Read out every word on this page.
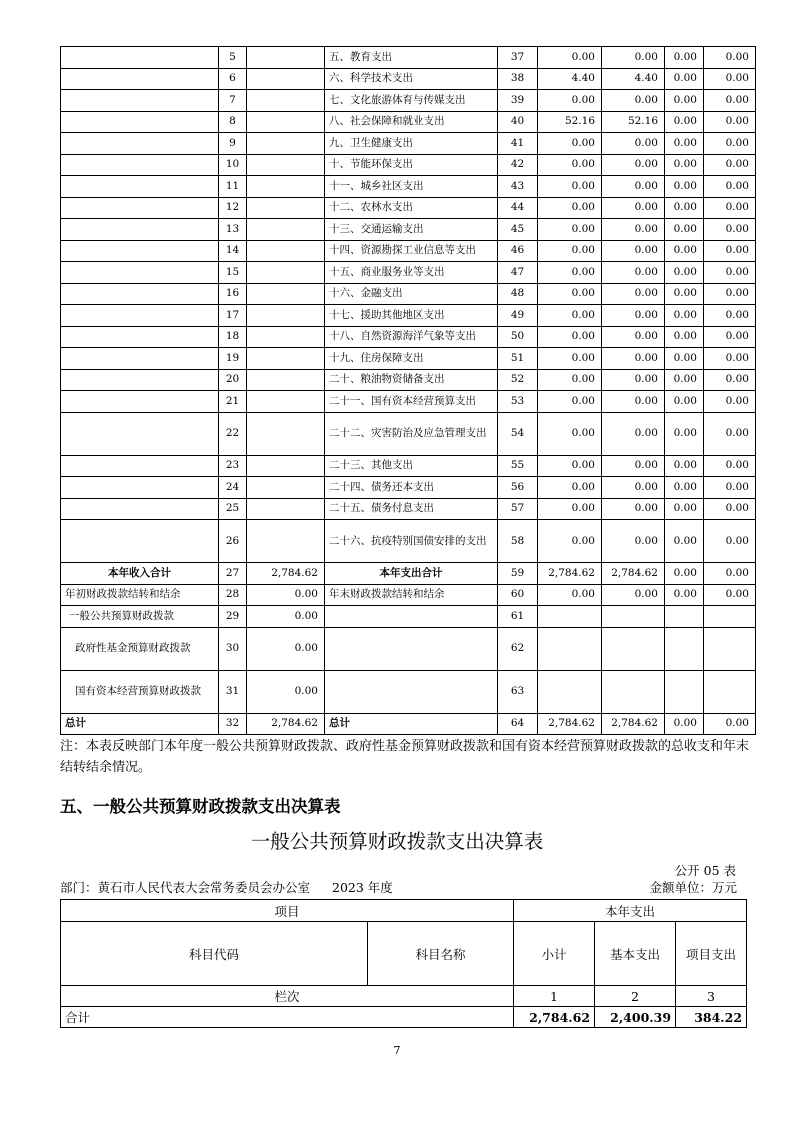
	5		五、教育支出	37	0.00	0.00	0.00	0.00
	6		六、科学技术支出	38	4.40	4.40	0.00	0.00
	7		七、文化旅游体育与传媒支出	39	0.00	0.00	0.00	0.00
	8		八、社会保障和就业支出	40	52.16	52.16	0.00	0.00
	9		九、卫生健康支出	41	0.00	0.00	0.00	0.00
	10		十、节能环保支出	42	0.00	0.00	0.00	0.00
	11		十一、城乡社区支出	43	0.00	0.00	0.00	0.00
	12		十二、农林水支出	44	0.00	0.00	0.00	0.00
	13		十三、交通运输支出	45	0.00	0.00	0.00	0.00
	14		十四、资源勘探工业信息等支出	46	0.00	0.00	0.00	0.00
	15		十五、商业服务业等支出	47	0.00	0.00	0.00	0.00
	16		十六、金融支出	48	0.00	0.00	0.00	0.00
	17		十七、援助其他地区支出	49	0.00	0.00	0.00	0.00
	18		十八、自然资源海洋气象等支出	50	0.00	0.00	0.00	0.00
	19		十九、住房保障支出	51	0.00	0.00	0.00	0.00
	20		二十、粮油物资储备支出	52	0.00	0.00	0.00	0.00
	21		二十一、国有资本经营预算支出	53	0.00	0.00	0.00	0.00
	22		二十二、灾害防治及应急管理支出	54	0.00	0.00	0.00	0.00
	23		二十三、其他支出	55	0.00	0.00	0.00	0.00
	24		二十四、债务还本支出	56	0.00	0.00	0.00	0.00
	25		二十五、债务付息支出	57	0.00	0.00	0.00	0.00
	26		二十六、抗疫特别国债安排的支出	58	0.00	0.00	0.00	0.00
本年收入合计	27	2,784.62	本年支出合计	59	2,784.62	2,784.62	0.00	0.00
年初财政拨款结转和结余	28	0.00	年末财政拨款结转和结余	60	0.00	0.00	0.00	0.00
一般公共预算财政拨款	29	0.00		61				
政府性基金预算财政拨款	30	0.00		62				
国有资本经营预算财政拨款	31	0.00		63				
总计	32	2,784.62	总计	64	2,784.62	2,784.62	0.00	0.00
注：本表反映部门本年度一般公共预算财政拨款、政府性基金预算财政拨款和国有资本经营预算财政拨款的总收支和年末结转结余情况。
五、一般公共预算财政拨款支出决算表
一般公共预算财政拨款支出决算表
公开 05 表
部门：黄石市人民代表大会常务委员会办公室 2023 年度	金额单位：万元
项目		本年支出		
科目代码	科目名称	小计	基本支出	项目支出
栏次		1	2	3
合计		2,784.62	2,400.39	384.22
7
